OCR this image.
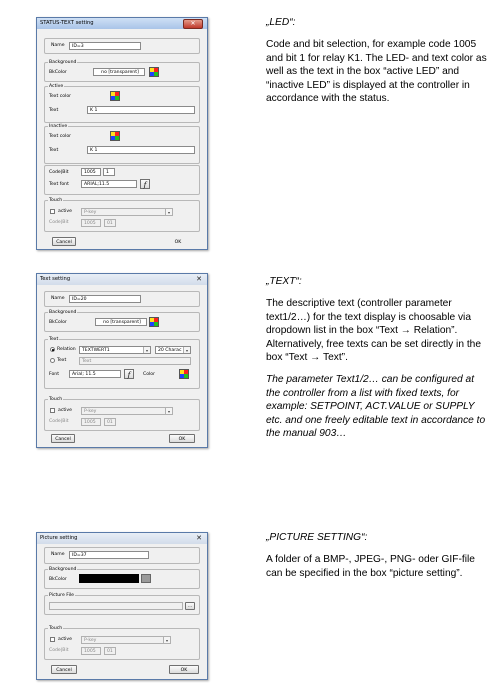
STATUS-TEXT setting	✕
Name	ID=3
Background
BkColor	no [transparent]
Active
Text color
Text	K 1
Inactive
Text color
Text	K 1
Code|Bit	1005	1
Text font	ARIAL;11.5	f
Touch
active	P-key	▾
Code|Bit	1005	01
Cancel	OK
Text setting	✕
Name	ID=20
Background
BkColor	no [transparent]
Text
Relation	TEXTWERT1	▾	20 Charac	▾
Text	Text
Font	Arial; 11.5	f	Color
Touch
active	P-key	▾
Code|Bit	1005	01
Cancel	OK
Picture setting	✕
Name	ID=37
Background
BkColor
Picture File
...
Touch
active	P-key	▾
Code|Bit	1005	01
Cancel	OK

„LED“:

Code and bit selection, for example code 1005 and bit 1 for relay K1. The LED- and text color as well as the text in the box “active LED” and “inactive LED” is displayed at the controller in accordance with the status.

„TEXT“:

The descriptive text (controller parameter text1/2…) for the text display is choosable via dropdown list in the box “Text → Relation”. Alternatively, free texts can be set directly in the box “Text → Text”.

The parameter Text1/2… can be configured at the controller from a list with fixed texts, for example: SETPOINT, ACT.VALUE or SUPPLY etc. and one freely editable text in accordance to the manual 903…

„PICTURE SETTING“:

A folder of a BMP-, JPEG-, PNG- oder GIF-file can be specified in the box “picture setting”.
